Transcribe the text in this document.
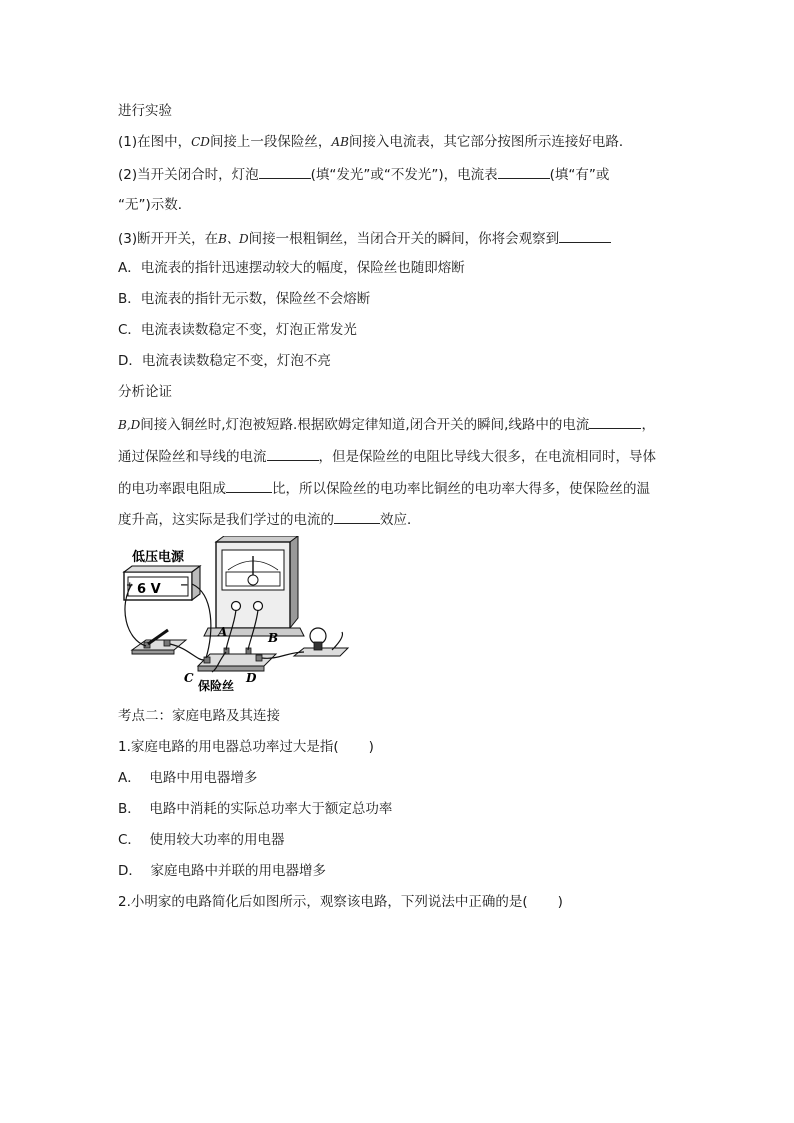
进行实验
(1)在图中，CD间接上一段保险丝，AB间接入电流表，其它部分按图所示连接好电路．
(2)当开关闭合时，灯泡	(填“发光”或“不发光”)，电流表	(填“有”或
“无”)示数．
(3)断开开关，在B、D间接一根粗铜丝，当闭合开关的瞬间，你将会观察到
A．电流表的指针迅速摆动较大的幅度，保险丝也随即熔断
B．电流表的指针无示数，保险丝不会熔断
C．电流表读数稳定不变，灯泡正常发光
D．电流表读数稳定不变，灯泡不亮
分析论证
B,D间接入铜丝时,灯泡被短路.根据欧姆定律知道,闭合开关的瞬间,线路中的电流	，
通过保险丝和导线的电流	，但是保险丝的电阻比导线大很多，在电流相同时，导体
的电功率跟电阻成	比，所以保险丝的电功率比铜丝的电功率大得多，使保险丝的温
度升高，这实际是我们学过的电流的	效应．
+	−
6 V
低压电源
A	B
C	D
保险丝
考点二：家庭电路及其连接
1.家庭电路的用电器总功率过大是指( )
A． 电路中用电器增多
B． 电路中消耗的实际总功率大于额定总功率
C． 使用较大功率的用电器
D． 家庭电路中并联的用电器增多
2.小明家的电路简化后如图所示，观察该电路，下列说法中正确的是( )
